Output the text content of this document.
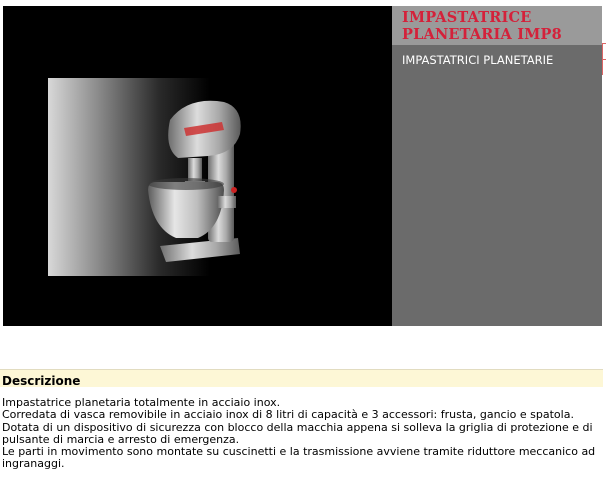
IMPASTATRICE PLANETARIA IMP8
IMPASTATRICI PLANETARIE
Descrizione

Impastatrice planetaria totalmente in acciaio inox.

Corredata di vasca removibile in acciaio inox di 8 litri di capacità e 3 accessori: frusta, gancio e spatola.

Dotata di un dispositivo di sicurezza con blocco della macchia appena si solleva la griglia di protezione e di pulsante di marcia e arresto di emergenza.

Le parti in movimento sono montate su cuscinetti e la trasmissione avviene tramite riduttore meccanico ad ingranaggi.
